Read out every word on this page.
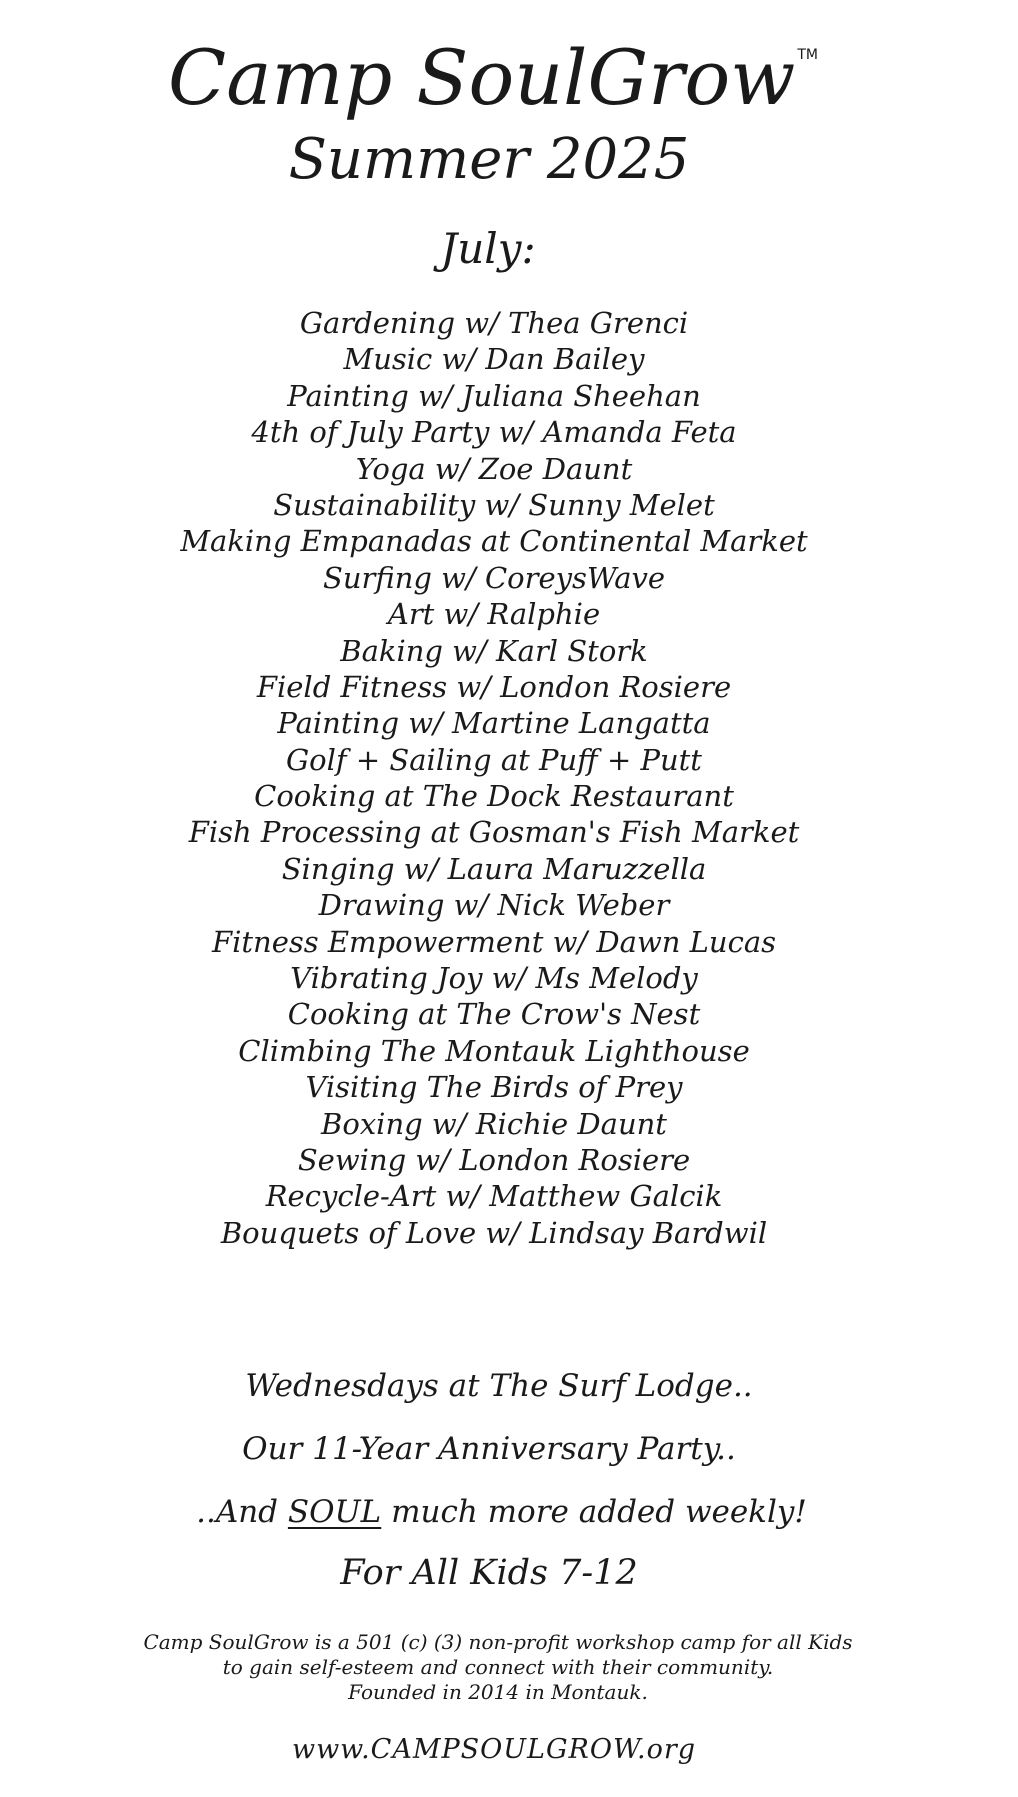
Camp SoulGrow ™
Summer 2025
July:
Gardening w/ Thea Grenci
Music w/ Dan Bailey
Painting w/ Juliana Sheehan
4th of July Party w/ Amanda Feta
Yoga w/ Zoe Daunt
Sustainability w/ Sunny Melet
Making Empanadas at Continental Market
Surfing w/ CoreysWave
Art w/ Ralphie
Baking w/ Karl Stork
Field Fitness w/ London Rosiere
Painting w/ Martine Langatta
Golf + Sailing at Puff + Putt
Cooking at The Dock Restaurant
Fish Processing at Gosman's Fish Market
Singing w/ Laura Maruzzella
Drawing w/ Nick Weber
Fitness Empowerment w/ Dawn Lucas
Vibrating Joy w/ Ms Melody
Cooking at The Crow's Nest
Climbing The Montauk Lighthouse
Visiting The Birds of Prey
Boxing w/ Richie Daunt
Sewing w/ London Rosiere
Recycle-Art w/ Matthew Galcik
Bouquets of Love w/ Lindsay Bardwil
Wednesdays at The Surf Lodge..
Our 11-Year Anniversary Party..
..And SOUL much more added weekly!
For All Kids 7-12
Camp SoulGrow is a 501 (c) (3) non-profit workshop camp for all Kids
to gain self-esteem and connect with their community.
Founded in 2014 in Montauk.
www.CAMPSOULGROW.org
